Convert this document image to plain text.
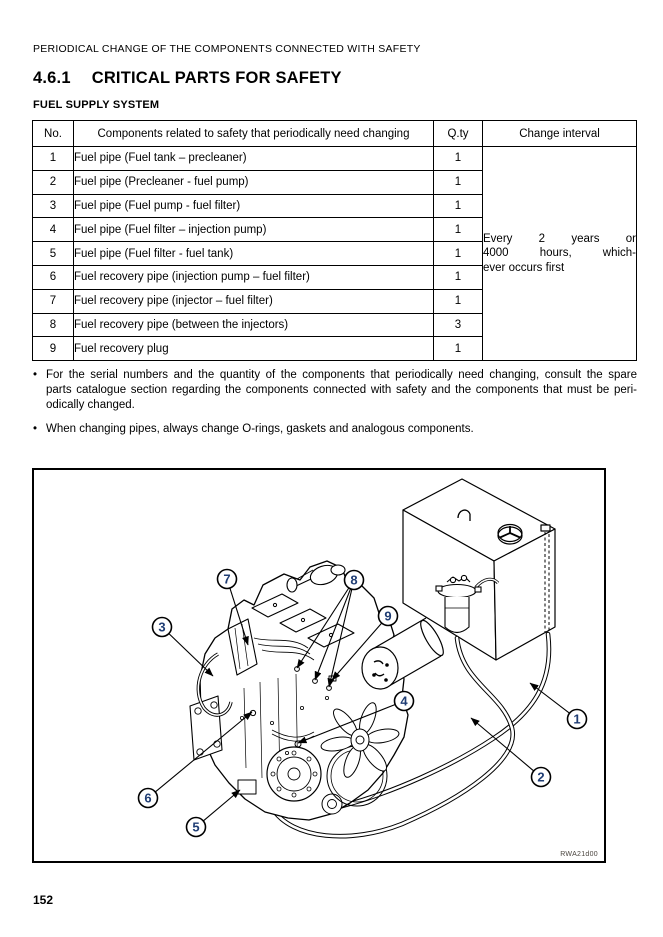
PERIODICAL CHANGE OF THE COMPONENTS CONNECTED WITH SAFETY
4.6.1 CRITICAL PARTS FOR SAFETY
FUEL SUPPLY SYSTEM
No.	Components related to safety that periodically need changing	Q.ty	Change interval
1	Fuel pipe (Fuel tank – precleaner)	1	Every 2 years or
4000 hours, which-
ever occurs first

2	Fuel pipe (Precleaner - fuel pump)	1	
3	Fuel pipe (Fuel pump - fuel filter)	1	
4	Fuel pipe (Fuel filter – injection pump)	1	
5	Fuel pipe (Fuel filter - fuel tank)	1	
6	Fuel recovery pipe (injection pump – fuel filter)	1	
7	Fuel recovery pipe (injector – fuel filter)	1	
8	Fuel recovery pipe (between the injectors)	3	
9	Fuel recovery plug	1	
• For the serial numbers and the quantity of the components that periodically need changing, consult the spare
parts catalogue section regarding the components connected with safety and the components that must be peri-
odically changed.
• When changing pipes, always change O-rings, gaskets and analogous components.
1
2
3
4
5
6
7	8
9
RWA21d00
152
